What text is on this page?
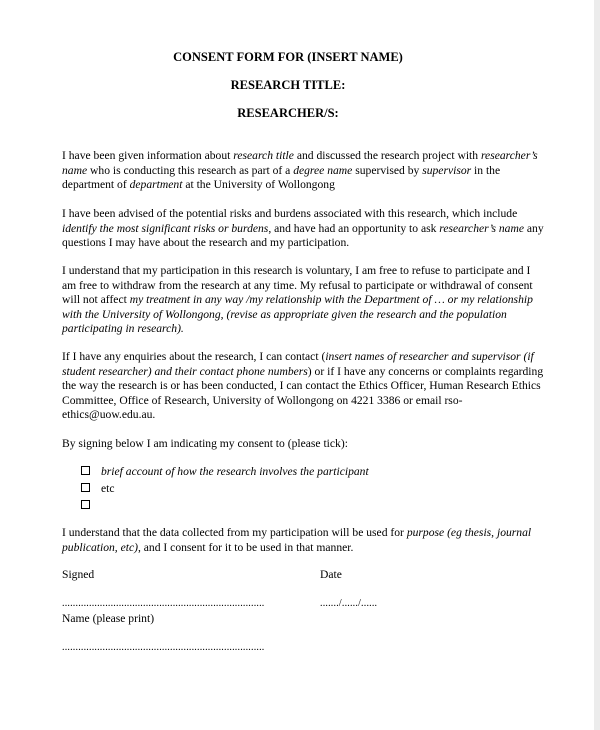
CONSENT FORM FOR (INSERT NAME)
RESEARCH TITLE:
RESEARCHER/S:
I have been given information about research title and discussed the research project with researcher’s name who is conducting this research as part of a degree name supervised by supervisor in the department of department at the University of Wollongong
I have been advised of the potential risks and burdens associated with this research, which include identify the most significant risks or burdens, and have had an opportunity to ask researcher’s name any questions I may have about the research and my participation.
I understand that my participation in this research is voluntary, I am free to refuse to participate and I am free to withdraw from the research at any time. My refusal to participate or withdrawal of consent will not affect my treatment in any way /my relationship with the Department of … or my relationship with the University of Wollongong, (revise as appropriate given the research and the population participating in research).
If I have any enquiries about the research, I can contact (insert names of researcher and supervisor (if student researcher) and their contact phone numbers) or if I have any concerns or complaints regarding the way the research is or has been conducted, I can contact the Ethics Officer, Human Research Ethics Committee, Office of Research, University of Wollongong on 4221 3386 or email rso-ethics@uow.edu.au.
By signing below I am indicating my consent to (please tick):
brief account of how the research involves the participant
etc
I understand that the data collected from my participation will be used for purpose (eg thesis, journal publication, etc), and I consent for it to be used in that manner.
Signed	Date
...........................................................................	......./....../......
Name (please print)
...........................................................................
